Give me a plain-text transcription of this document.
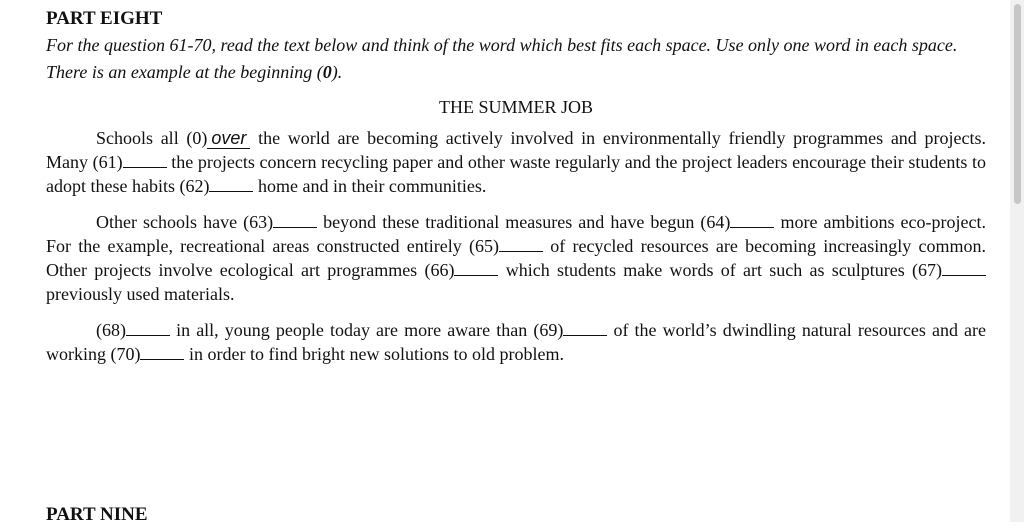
PART EIGHT

For the question 61-70, read the text below and think of the word which best fits each space. Use only one word in each space. There is an example at the beginning (0).

THE SUMMER JOB

Schools all (0) over the world are becoming actively involved in environmentally friendly programmes and projects. Many (61) the projects concern recycling paper and other waste regularly and the project leaders encourage their students to adopt these habits (62) home and in their communities.

Other schools have (63) beyond these traditional measures and have begun (64) more ambitions eco-project. For the example, recreational areas constructed entirely (65) of recycled resources are becoming increasingly common. Other projects involve ecological art programmes (66) which students make words of art such as sculptures (67) previously used materials.

(68) in all, young people today are more aware than (69) of the world’s dwindling natural resources and are working (70) in order to find bright new solutions to old problem.

PART NINE
